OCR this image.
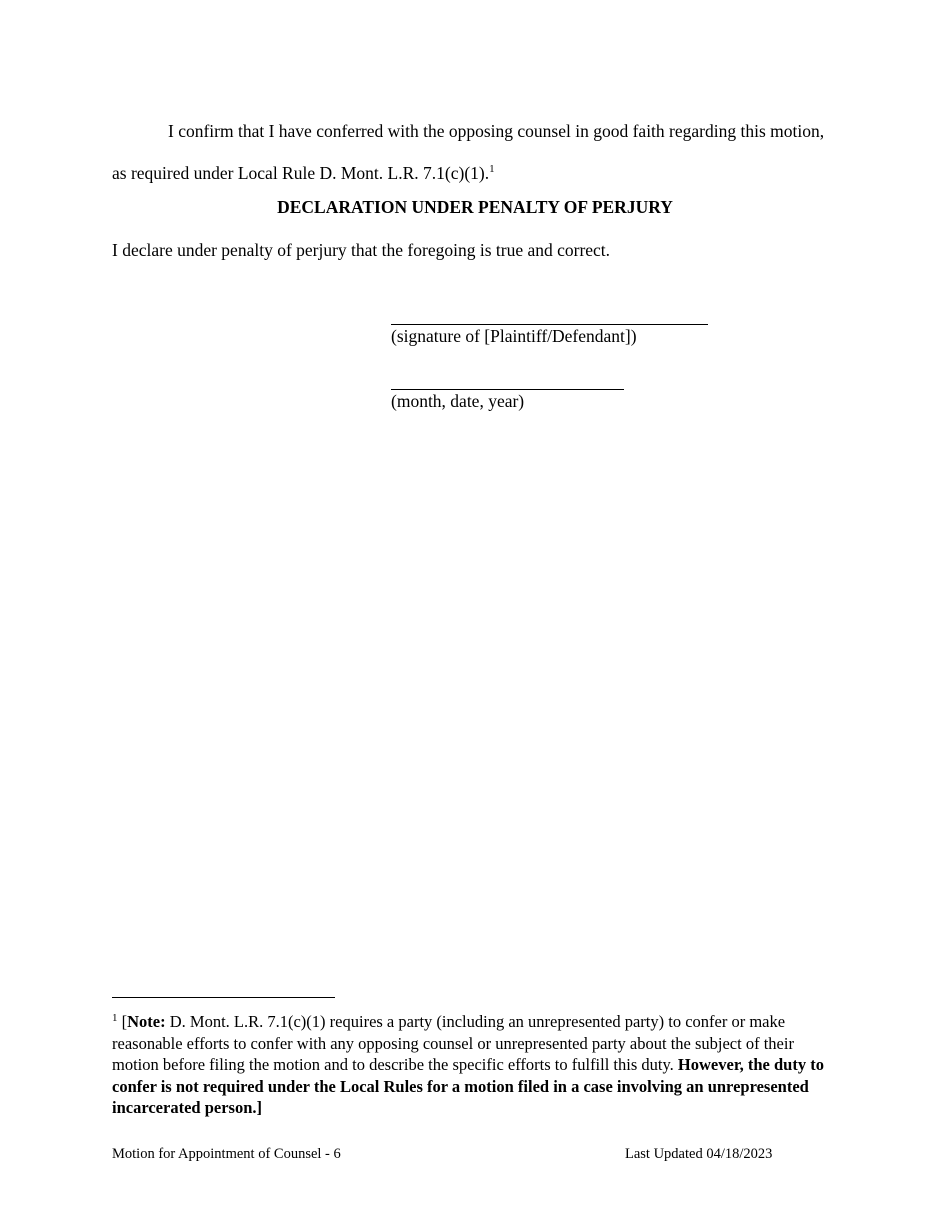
I confirm that I have conferred with the opposing counsel in good faith regarding this motion, as required under Local Rule D. Mont. L.R. 7.1(c)(1).$^1$
DECLARATION UNDER PENALTY OF PERJURY
I declare under penalty of perjury that the foregoing is true and correct.
(signature of [Plaintiff/Defendant])
(month, date, year)
$^1$ [Note: D. Mont. L.R. 7.1(c)(1) requires a party (including an unrepresented party) to confer or make reasonable efforts to confer with any opposing counsel or unrepresented party about the subject of their motion before filing the motion and to describe the specific efforts to fulfill this duty. However, the duty to confer is not required under the Local Rules for a motion filed in a case involving an unrepresented incarcerated person.]
Motion for Appointment of Counsel - 6	Last Updated 04/18/2023
